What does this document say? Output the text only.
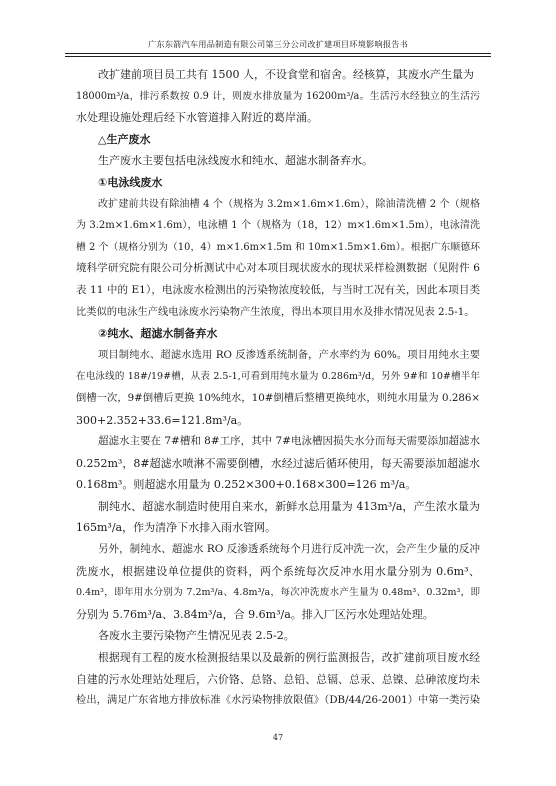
广东东箭汽车用品制造有限公司第三分公司改扩建项目环境影响报告书
改扩建前项目员工共有 1500 人，不设食堂和宿舍。经核算，其废水产生量为
18000m³/a，排污系数按 0.9 计，则废水排放量为 16200m³/a。生活污水经独立的生活污
水处理设施处理后经下水管道排入附近的葛岸涌。
△生产废水
生产废水主要包括电泳线废水和纯水、超滤水制备弃水。
①电泳线废水
改扩建前共设有除油槽 4 个（规格为 3.2m×1.6m×1.6m），除油清洗槽 2 个（规格
为 3.2m×1.6m×1.6m），电泳槽 1 个（规格为（18，12）m×1.6m×1.5m），电泳清洗
槽 2 个（规格分别为（10，4）m×1.6m×1.5m 和 10m×1.5m×1.6m）。根据广东顺德环
境科学研究院有限公司分析测试中心对本项目现状废水的现状采样检测数据（见附件 6
表 11 中的 E1），电泳废水检测出的污染物浓度较低，与当时工况有关，因此本项目类
比类似的电泳生产线电泳废水污染物产生浓度，得出本项目用水及排水情况见表 2.5-1。
②纯水、超滤水制备弃水
项目制纯水、超滤水选用 RO 反渗透系统制备，产水率约为 60%。项目用纯水主要
在电泳线的 18#/19#槽，从表 2.5-1,可看到用纯水量为 0.286m³/d，另外 9#和 10#槽半年
倒槽一次，9#倒槽后更换 10%纯水，10#倒槽后整槽更换纯水，则纯水用量为 0.286×
300+2.352+33.6=121.8m³/a。
超滤水主要在 7#槽和 8#工序，其中 7#电泳槽因损失水分而每天需要添加超滤水
0.252m³，8#超滤水喷淋不需要倒槽，水经过滤后循环使用，每天需要添加超滤水
0.168m³。则超滤水用量为 0.252×300+0.168×300=126 m³/a。
制纯水、超滤水制造时使用自来水，新鲜水总用量为 413m³/a，产生浓水量为
165m³/a，作为清净下水排入雨水管网。
另外，制纯水、超滤水 RO 反渗透系统每个月进行反冲洗一次，会产生少量的反冲
洗废水，根据建设单位提供的资料，两个系统每次反冲水用水量分别为 0.6m³、
0.4m³，即年用水分别为 7.2m³/a、4.8m³/a，每次冲洗废水产生量为 0.48m³、0.32m³，即
分别为 5.76m³/a、3.84m³/a，合 9.6m³/a。排入厂区污水处理站处理。
各废水主要污染物产生情况见表 2.5-2。
根据现有工程的废水检测报结果以及最新的例行监测报告，改扩建前项目废水经
自建的污水处理站处理后，六价铬、总铬、总铅、总镉、总汞、总镍、总砷浓度均未
检出，满足广东省地方排放标准《水污染物排放限值》（DB/44/26-2001）中第一类污染
47
